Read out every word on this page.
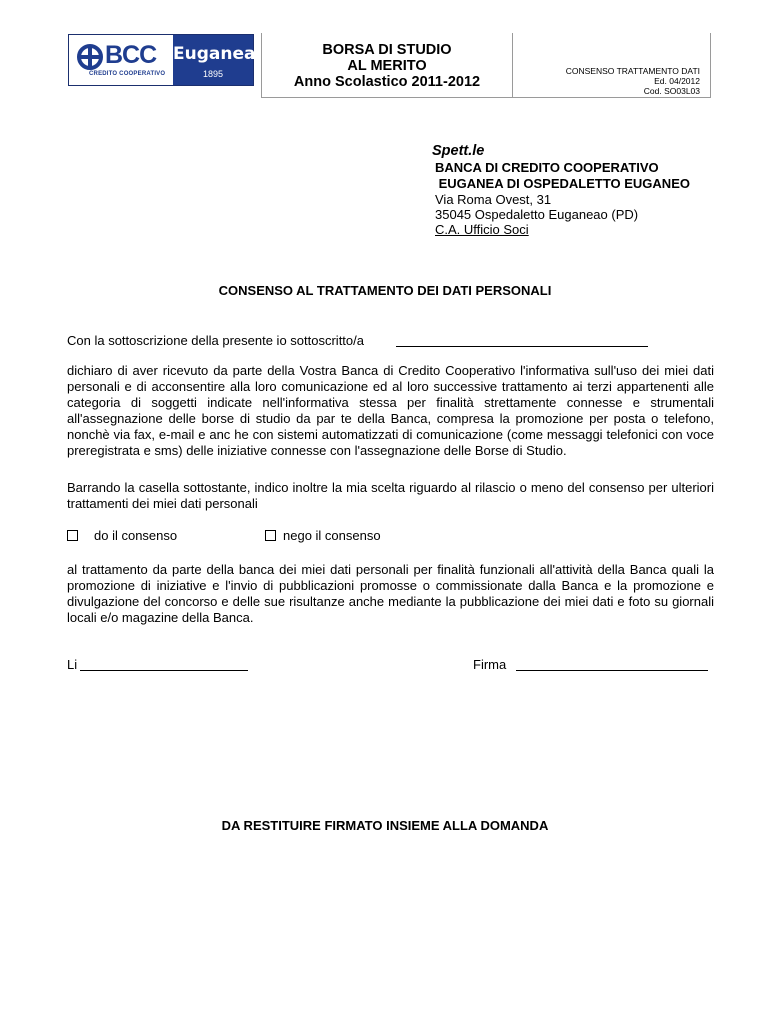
BCC
CREDITO COOPERATIVO
Euganea
1895
BORSA DI STUDIO
AL MERITO
Anno Scolastico 2011-2012
CONSENSO TRATTAMENTO DATI
Ed. 04/2012
Cod. SO03L03
Spett.le
BANCA DI CREDITO COOPERATIVO
EUGANEA DI OSPEDALETTO EUGANEO
Via Roma Ovest, 31
35045 Ospedaletto Euganeao (PD)
C.A. Ufficio Soci
CONSENSO AL TRATTAMENTO DEI DATI PERSONALI
Con la sottoscrizione della presente io sottoscritto/a
dichiaro di aver ricevuto da parte della Vostra Banca di Credito Cooperativo l'informativa sull'uso dei miei dati personali e di acconsentire alla loro comunicazione ed al loro successive trattamento ai terzi appartenenti alle categoria di soggetti indicate nell'informativa stessa per finalità strettamente connesse e strumentali all'assegnazione delle borse di studio da par te della Banca, compresa la promozione per posta o telefono, nonchè via fax, e-mail e anc he con sistemi automatizzati di comunicazione (come messaggi telefonici con voce preregistrata e sms) delle iniziative connesse con l'assegnazione delle Borse di Studio.
Barrando la casella sottostante, indico inoltre la mia scelta riguardo al rilascio o meno del consenso per ulteriori trattamenti dei miei dati personali
do il consenso	nego il consenso
al trattamento da parte della banca dei miei dati personali per finalità funzionali all'attività della Banca quali la promozione di iniziative e l'invio di pubblicazioni promosse o commissionate dalla Banca e la promozione e divulgazione del concorso e delle sue risultanze anche mediante la pubblicazione dei miei dati e foto su giornali locali e/o magazine della Banca.
Li	Firma
DA RESTITUIRE FIRMATO INSIEME ALLA DOMANDA
